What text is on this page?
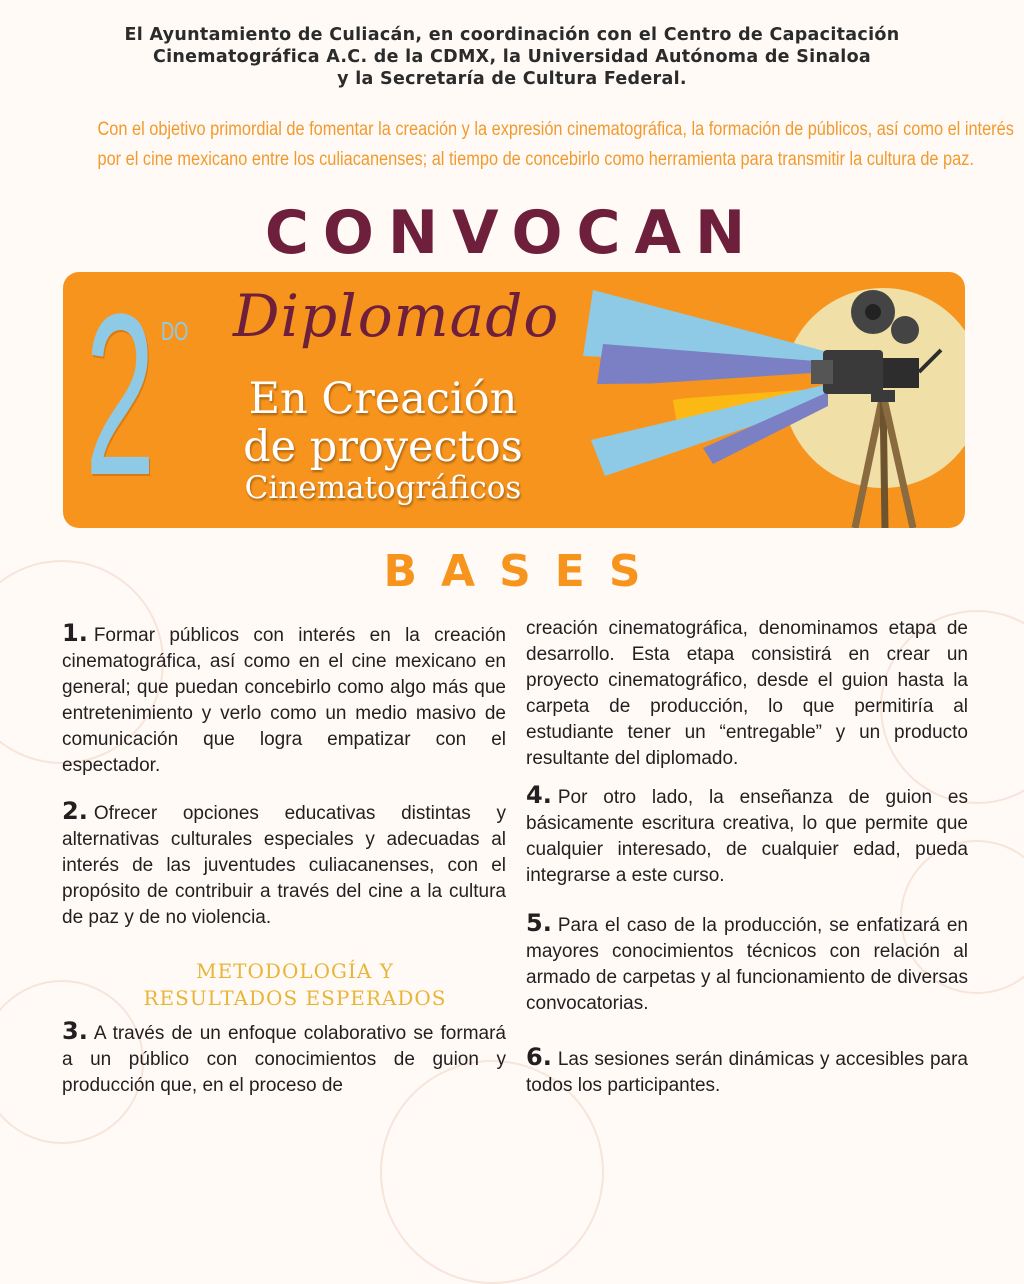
El Ayuntamiento de Culiacán, en coordinación con el Centro de Capacitación
Cinematográfica A.C. de la CDMX, la Universidad Autónoma de Sinaloa
y la Secretaría de Cultura Federal.
Con el objetivo primordial de fomentar la creación y la expresión cinematográfica, la formación de públicos, así como el interés
por el cine mexicano entre los culiacanenses; al tiempo de concebirlo como herramienta para transmitir la cultura de paz.
CONVOCAN
2 DO Diplomado
En Creación
de proyectos
Cinematográficos
BASES
1. Formar públicos con interés en la creación cinematográfica, así como en el cine mexicano en general; que puedan concebirlo como algo más que entretenimiento y verlo como un medio masivo de comunicación que logra empatizar con el espectador.
2. Ofrecer opciones educativas distintas y alternativas culturales especiales y adecuadas al interés de las juventudes culiacanenses, con el propósito de contribuir a través del cine a la cultura de paz y de no violencia.
METODOLOGÍA Y
RESULTADOS ESPERADOS
3. A través de un enfoque colaborativo se formará a un público con conocimientos de guion y producción que, en el proceso de
creación cinematográfica, denominamos etapa de desarrollo. Esta etapa consistirá en crear un proyecto cinematográfico, desde el guion hasta la carpeta de producción, lo que permitiría al estudiante tener un “entregable” y un producto resultante del diplomado.
4. Por otro lado, la enseñanza de guion es básicamente escritura creativa, lo que permite que cualquier interesado, de cualquier edad, pueda integrarse a este curso.
5. Para el caso de la producción, se enfatizará en mayores conocimientos técnicos con relación al armado de carpetas y al funcionamiento de diversas convocatorias.
6. Las sesiones serán dinámicas y accesibles para todos los participantes.
